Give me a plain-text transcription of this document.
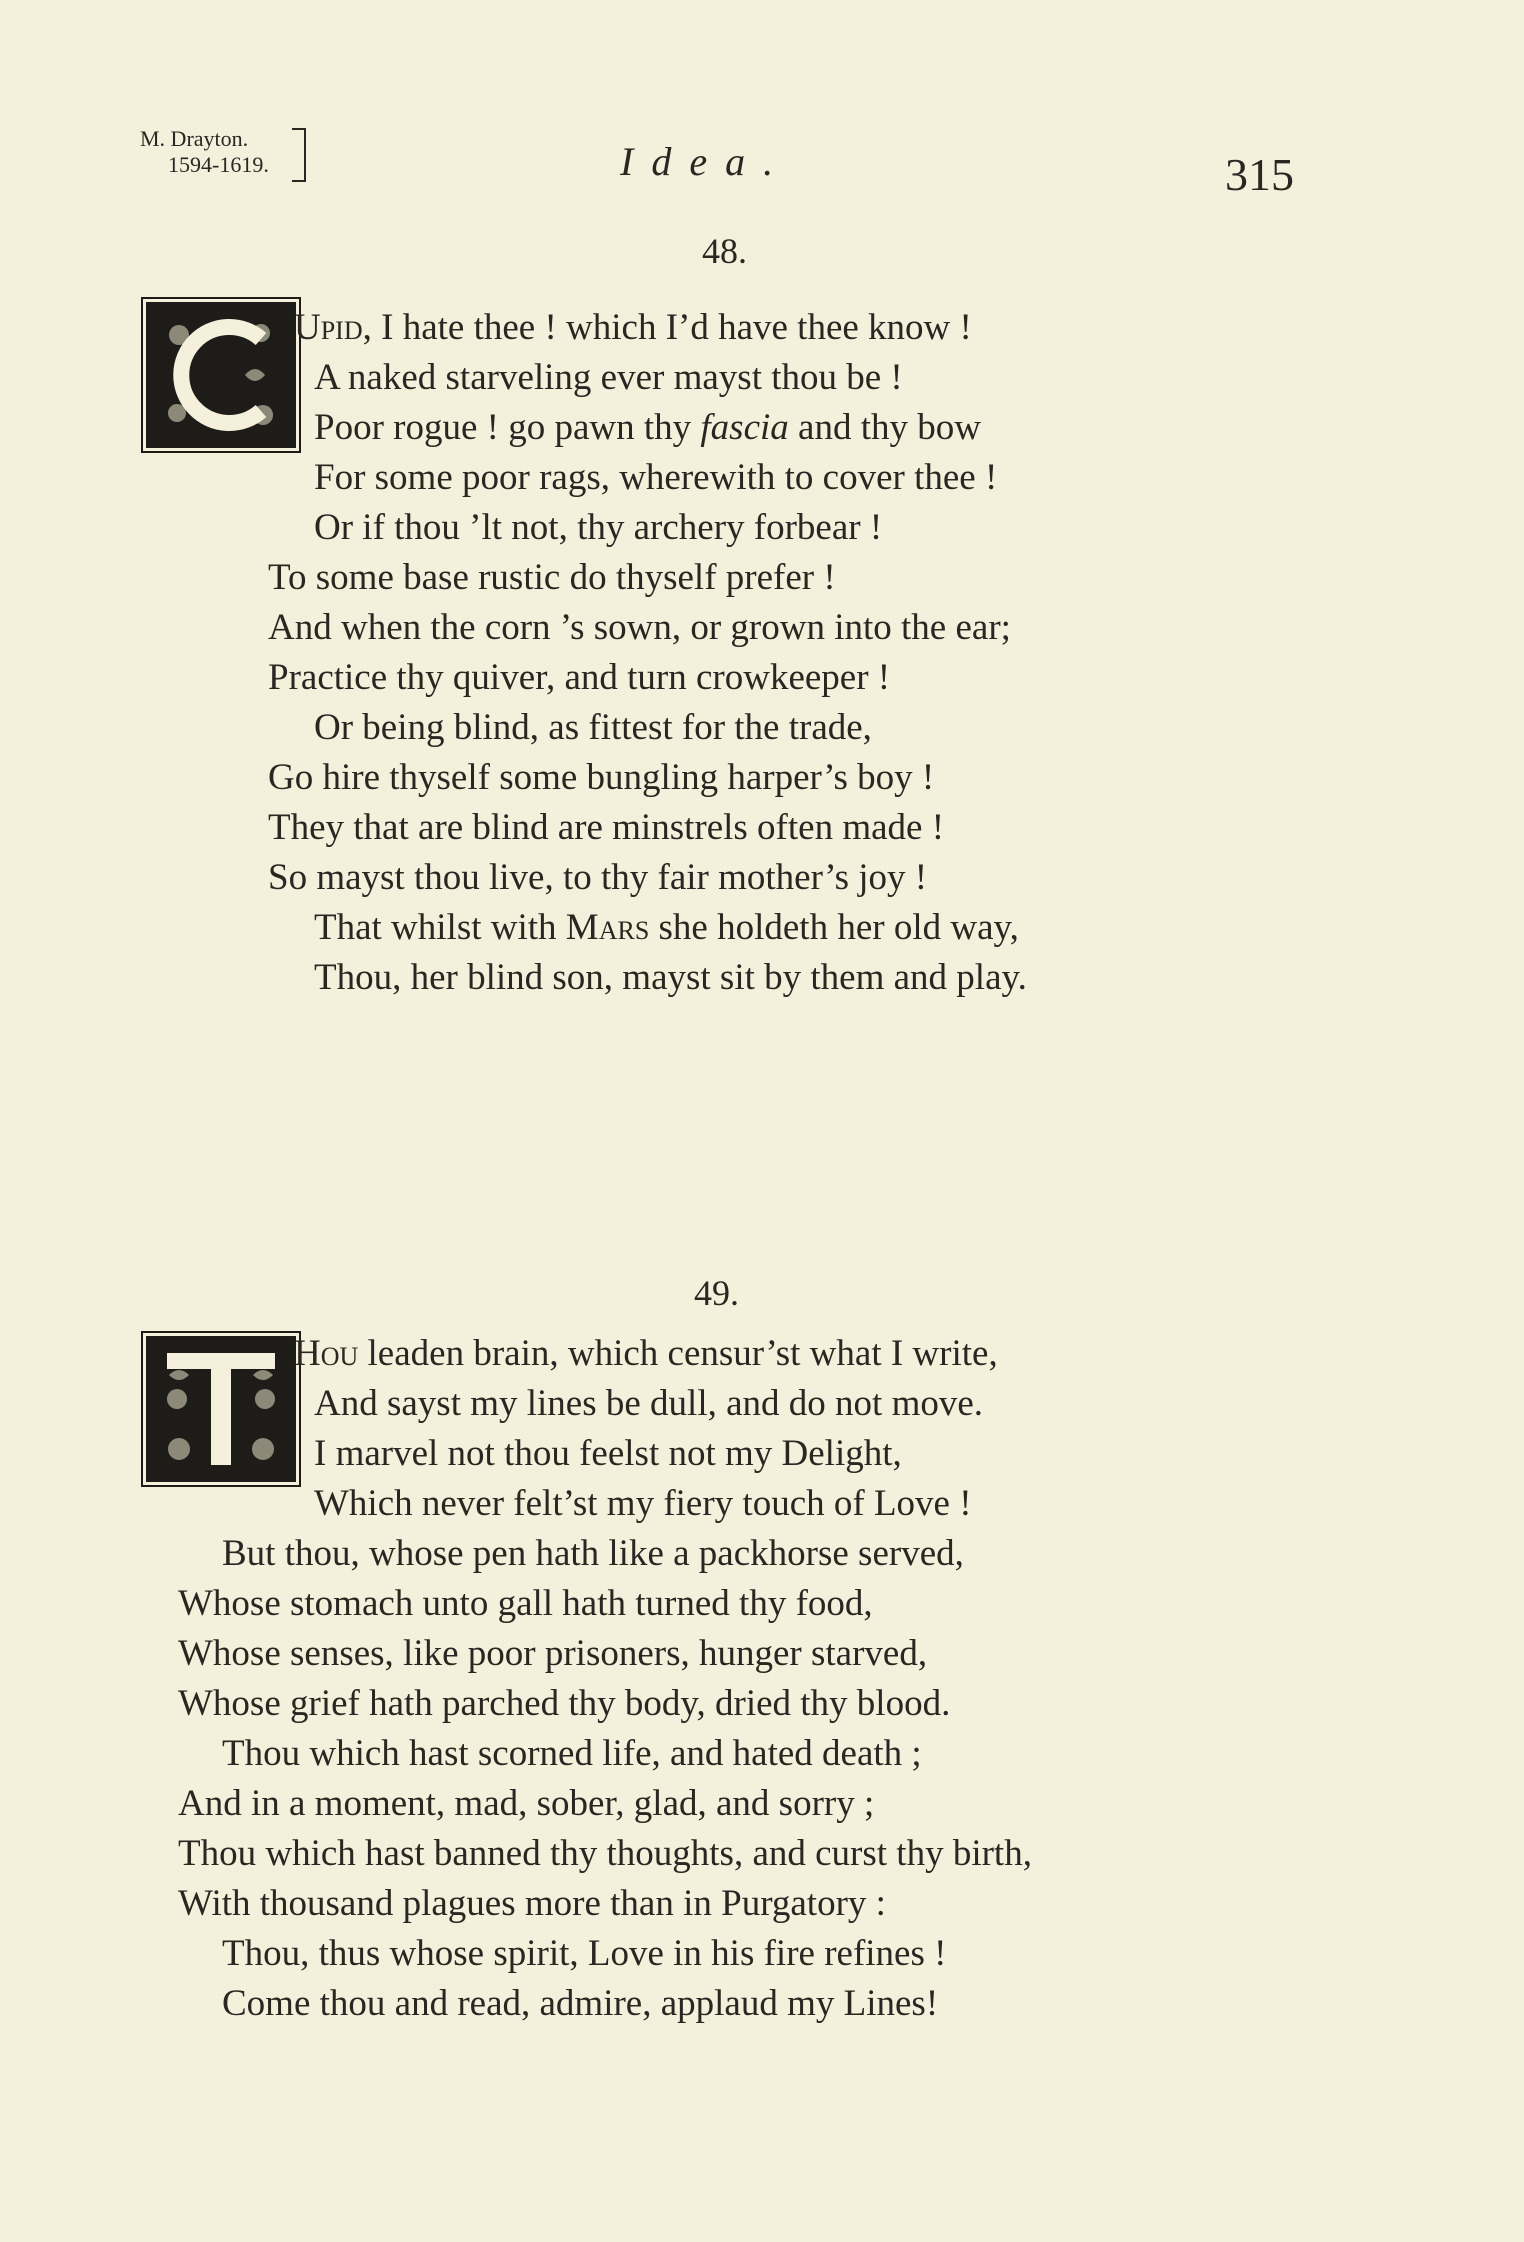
M. Drayton.
1594-1619.	Idea.	315
48.
Upid, I hate thee ! which I’d have thee know !
A naked starveling ever mayst thou be !
Poor rogue ! go pawn thy fascia and thy bow
For some poor rags, wherewith to cover thee !
Or if thou ’lt not, thy archery forbear !
To some base rustic do thyself prefer !
And when the corn ’s sown, or grown into the ear;
Practice thy quiver, and turn crowkeeper !
Or being blind, as fittest for the trade,
Go hire thyself some bungling harper’s boy !
They that are blind are minstrels often made !
So mayst thou live, to thy fair mother’s joy !
That whilst with Mars she holdeth her old way,
Thou, her blind son, mayst sit by them and play.
49.
Hou leaden brain, which censur’st what I write,
And sayst my lines be dull, and do not move.
I marvel not thou feelst not my Delight,
Which never felt’st my fiery touch of Love !
But thou, whose pen hath like a packhorse served,
Whose stomach unto gall hath turned thy food,
Whose senses, like poor prisoners, hunger starved,
Whose grief hath parched thy body, dried thy blood.
Thou which hast scorned life, and hated death ;
And in a moment, mad, sober, glad, and sorry ;
Thou which hast banned thy thoughts, and curst thy birth,
With thousand plagues more than in Purgatory :
Thou, thus whose spirit, Love in his fire refines !
Come thou and read, admire, applaud my Lines!
